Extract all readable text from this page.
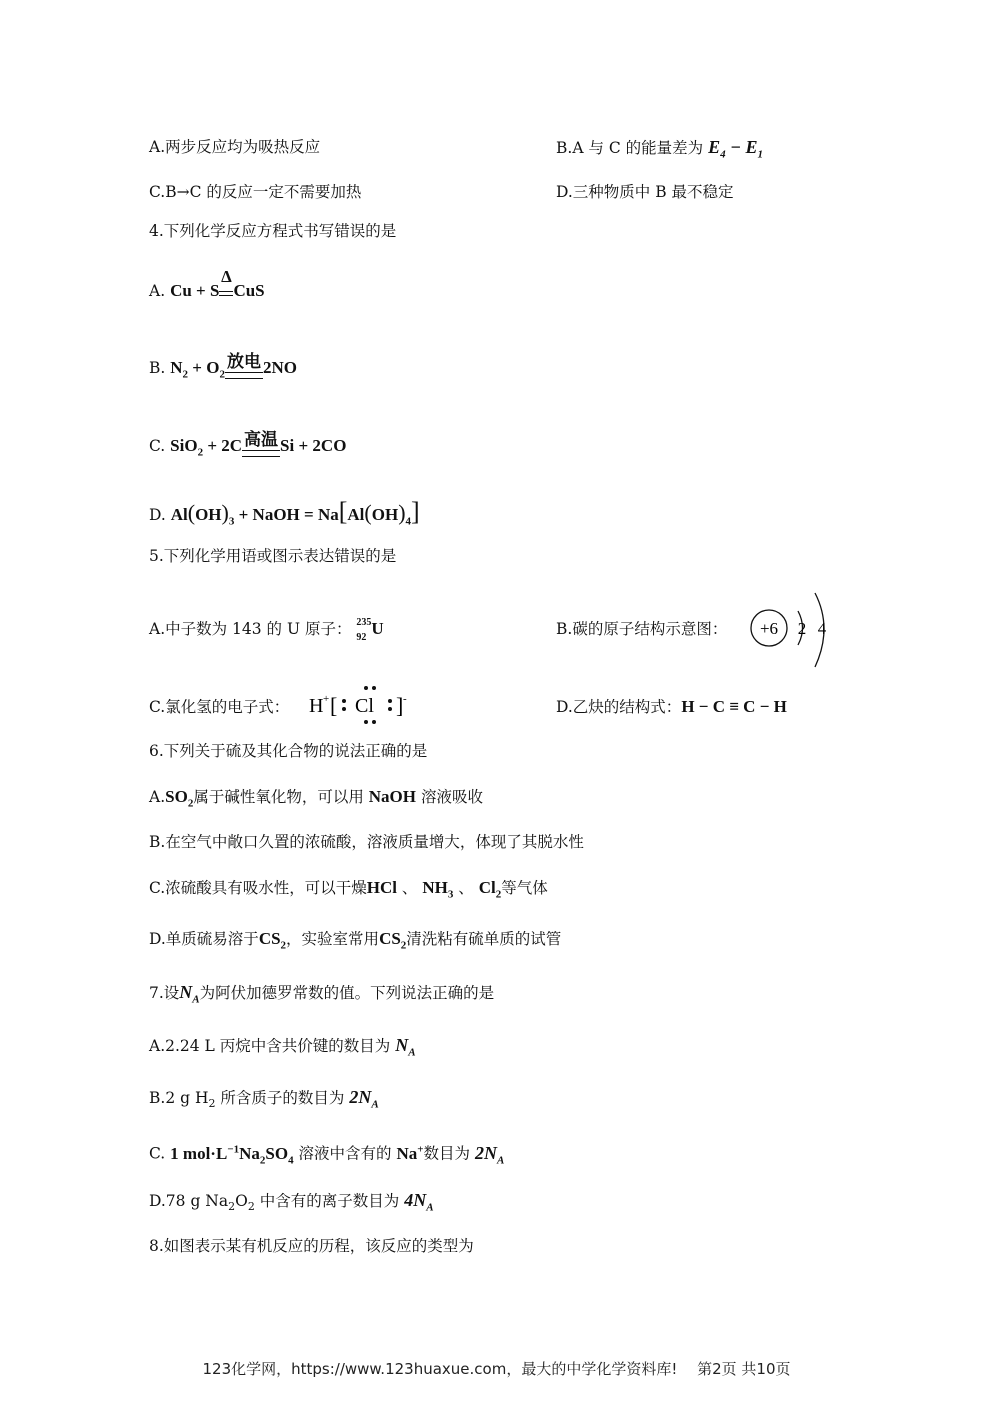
A.两步反应均为吸热反应	B.A 与 C 的能量差为 $E_4 - E_1$
C.B→C 的反应一定不需要加热	D.三种物质中 B 最不稳定
4.下列化学反应方程式书写错误的是
A. Cu + S
Δ
CuS
B. $N_2 + O_2$
放电 2NO
C. SiO$_2$ + 2C 高温 Si + 2CO
D. $Al(OH)_3$ + NaOH = $Na[Al(OH)_4]$
5.下列化学用语或图示表达错误的是
A.中子数为 143 的 U 原子： 235
92 U	B.碳的原子结构示意图： +6 2 4
C.氯化氢的电子式： H + [ Cl ] -	D.乙炔的结构式：H − C ≡ C − H
6.下列关于硫及其化合物的说法正确的是
$A.SO_2$属于碱性氧化物，可以用 NaOH 溶液吸收
B.在空气中敞口久置的浓硫酸，溶液质量增大，体现了其脱水性
C.浓硫酸具有吸水性，可以干燥HCl 、 $NH_3$ 、 $Cl_2$等气体
D.单质硫易溶于$CS_2$，实验室常用$CS_2$清洗粘有硫单质的试管
7.设$N_A$为阿伏加德罗常数的值。下列说法正确的是
A.2.24 L 丙烷中含共价键的数目为 $N_A$
B.2 g $H_2$ 所含质子的数目为 $2N_A$
C. 1 $mol\cdot L^{-1}Na_2SO_4$ 溶液中含有的 Na+数目为 $2N_A$
D.78 g $Na_2O_2$ 中含有的离子数目为 $4N_A$
8.如图表示某有机反应的历程，该反应的类型为
123化学网，https://www.123huaxue.com，最大的中学化学资料库!　 第2页 共10页
